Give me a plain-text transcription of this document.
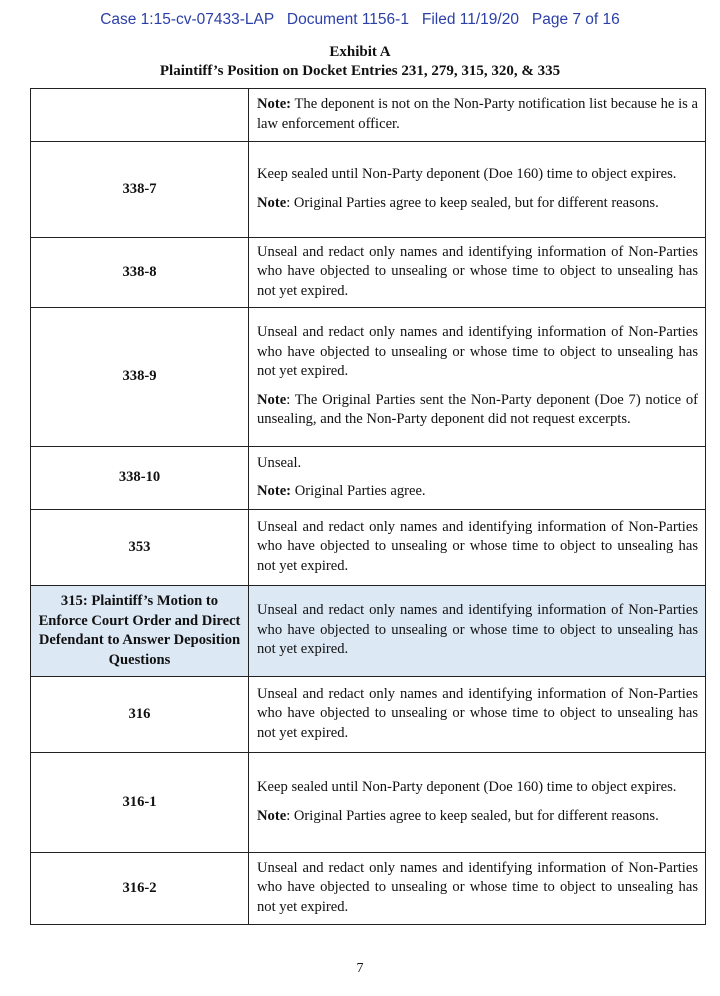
Case 1:15-cv-07433-LAP Document 1156-1 Filed 11/19/20 Page 7 of 16
Exhibit A
Plaintiff’s Position on Docket Entries 231, 279, 315, 320, & 335

	Note: The deponent is not on the Non-Party notification list because he is a law enforcement officer.

338-7	Keep sealed until Non-Party deponent (Doe 160) time to object expires.

Note: Original Parties agree to keep sealed, but for different reasons.

338-8	Unseal and redact only names and identifying information of Non-Parties who have objected to unsealing or whose time to object to unsealing has not yet expired.

338-9	Unseal and redact only names and identifying information of Non-Parties who have objected to unsealing or whose time to object to unsealing has not yet expired.

Note: The Original Parties sent the Non-Party deponent (Doe 7) notice of unsealing, and the Non-Party deponent did not request excerpts.

338-10	Unseal.

Note: Original Parties agree.

353	Unseal and redact only names and identifying information of Non-Parties who have objected to unsealing or whose time to object to unsealing has not yet expired.

315: Plaintiff’s Motion to Enforce Court Order and Direct Defendant to Answer Deposition Questions	Unseal and redact only names and identifying information of Non-Parties who have objected to unsealing or whose time to object to unsealing has not yet expired.

316	Unseal and redact only names and identifying information of Non-Parties who have objected to unsealing or whose time to object to unsealing has not yet expired.

316-1	Keep sealed until Non-Party deponent (Doe 160) time to object expires.

Note: Original Parties agree to keep sealed, but for different reasons.

316-2	Unseal and redact only names and identifying information of Non-Parties who have objected to unsealing or whose time to object to unsealing has not yet expired.

7
